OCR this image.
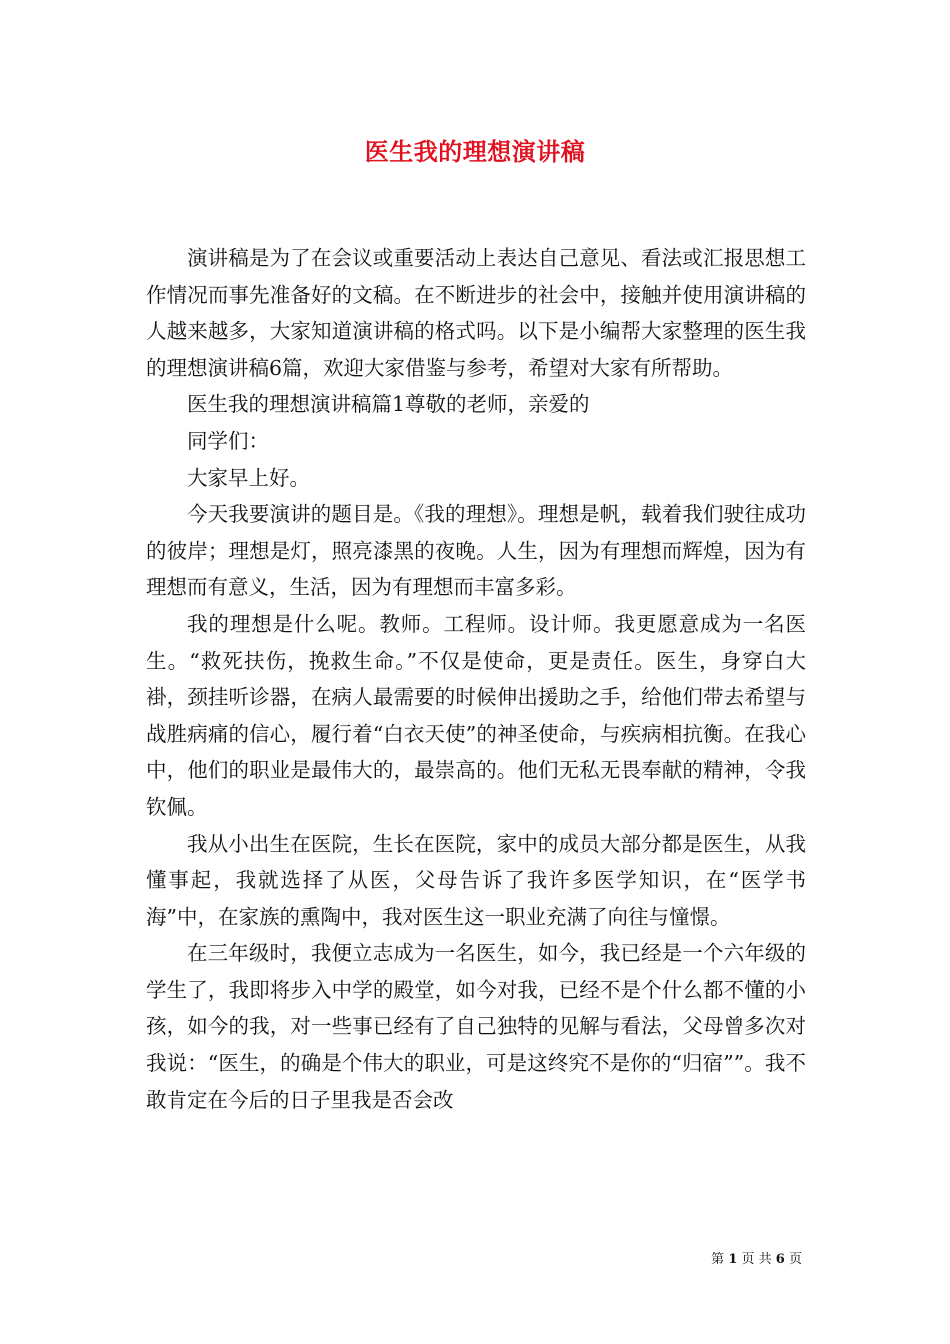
医生我的理想演讲稿

演讲稿是为了在会议或重要活动上表达自己意见、看法或汇报思想工作情况而事先准备好的文稿。在不断进步的社会中，接触并使用演讲稿的人越来越多，大家知道演讲稿的格式吗。以下是小编帮大家整理的医生我的理想演讲稿6篇，欢迎大家借鉴与参考，希望对大家有所帮助。

医生我的理想演讲稿篇1尊敬的老师，亲爱的

同学们：

大家早上好。

今天我要演讲的题目是。《我的理想》。理想是帆，载着我们驶往成功的彼岸；理想是灯，照亮漆黑的夜晚。人生，因为有理想而辉煌，因为有理想而有意义，生活，因为有理想而丰富多彩。

我的理想是什么呢。教师。工程师。设计师。我更愿意成为一名医生。“救死扶伤，挽救生命。”不仅是使命，更是责任。医生，身穿白大褂，颈挂听诊器，在病人最需要的时候伸出援助之手，给他们带去希望与战胜病痛的信心，履行着“白衣天使”的神圣使命，与疾病相抗衡。在我心中，他们的职业是最伟大的，最崇高的。他们无私无畏奉献的精神，令我钦佩。

我从小出生在医院，生长在医院，家中的成员大部分都是医生，从我懂事起，我就选择了从医，父母告诉了我许多医学知识，在“医学书海”中，在家族的熏陶中，我对医生这一职业充满了向往与憧憬。

在三年级时，我便立志成为一名医生，如今，我已经是一个六年级的学生了，我即将步入中学的殿堂，如今对我，已经不是个什么都不懂的小孩，如今的我，对一些事已经有了自己独特的见解与看法，父母曾多次对我说：“医生，的确是个伟大的职业，可是这终究不是你的“归宿””。我不敢肯定在今后的日子里我是否会改

第 1 页 共 6 页
